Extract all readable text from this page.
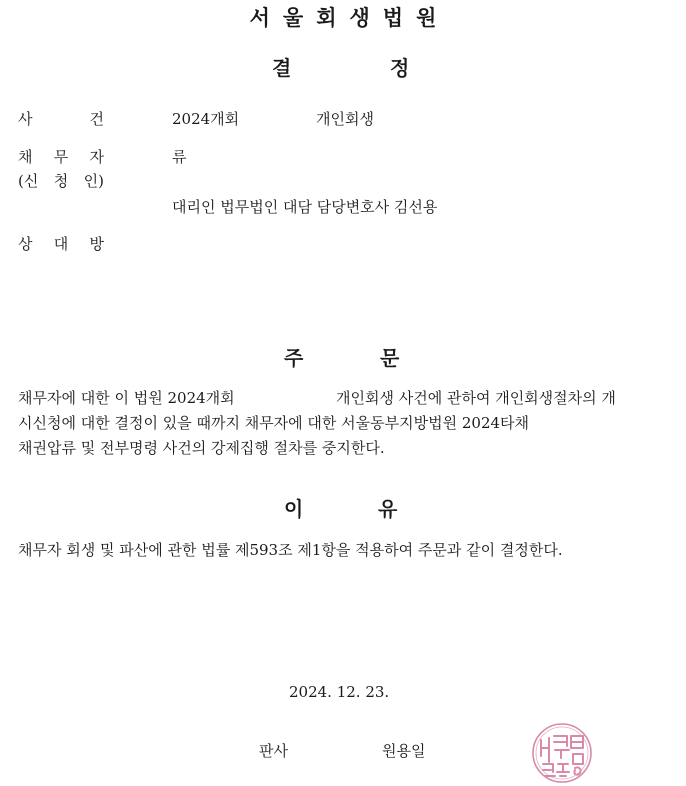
서울회생법원
결	정
사	건	2024개회	개인회생
채 무 자	류
(신 청 인)
대리인 법무법인 대담 담당변호사 김선용
상 대 방
주	문
채무자에 대한 이 법원 2024개회	개인회생 사건에 관하여 개인회생절차의 개
시신청에 대한 결정이 있을 때까지 채무자에 대한 서울동부지방법원 2024타채
채권압류 및 전부명령 사건의 강제집행 절차를 중지한다.
이	유
채무자 회생 및 파산에 관한 법률 제593조 제1항을 적용하여 주문과 같이 결정한다.
2024. 12. 23.
판사	원용일
